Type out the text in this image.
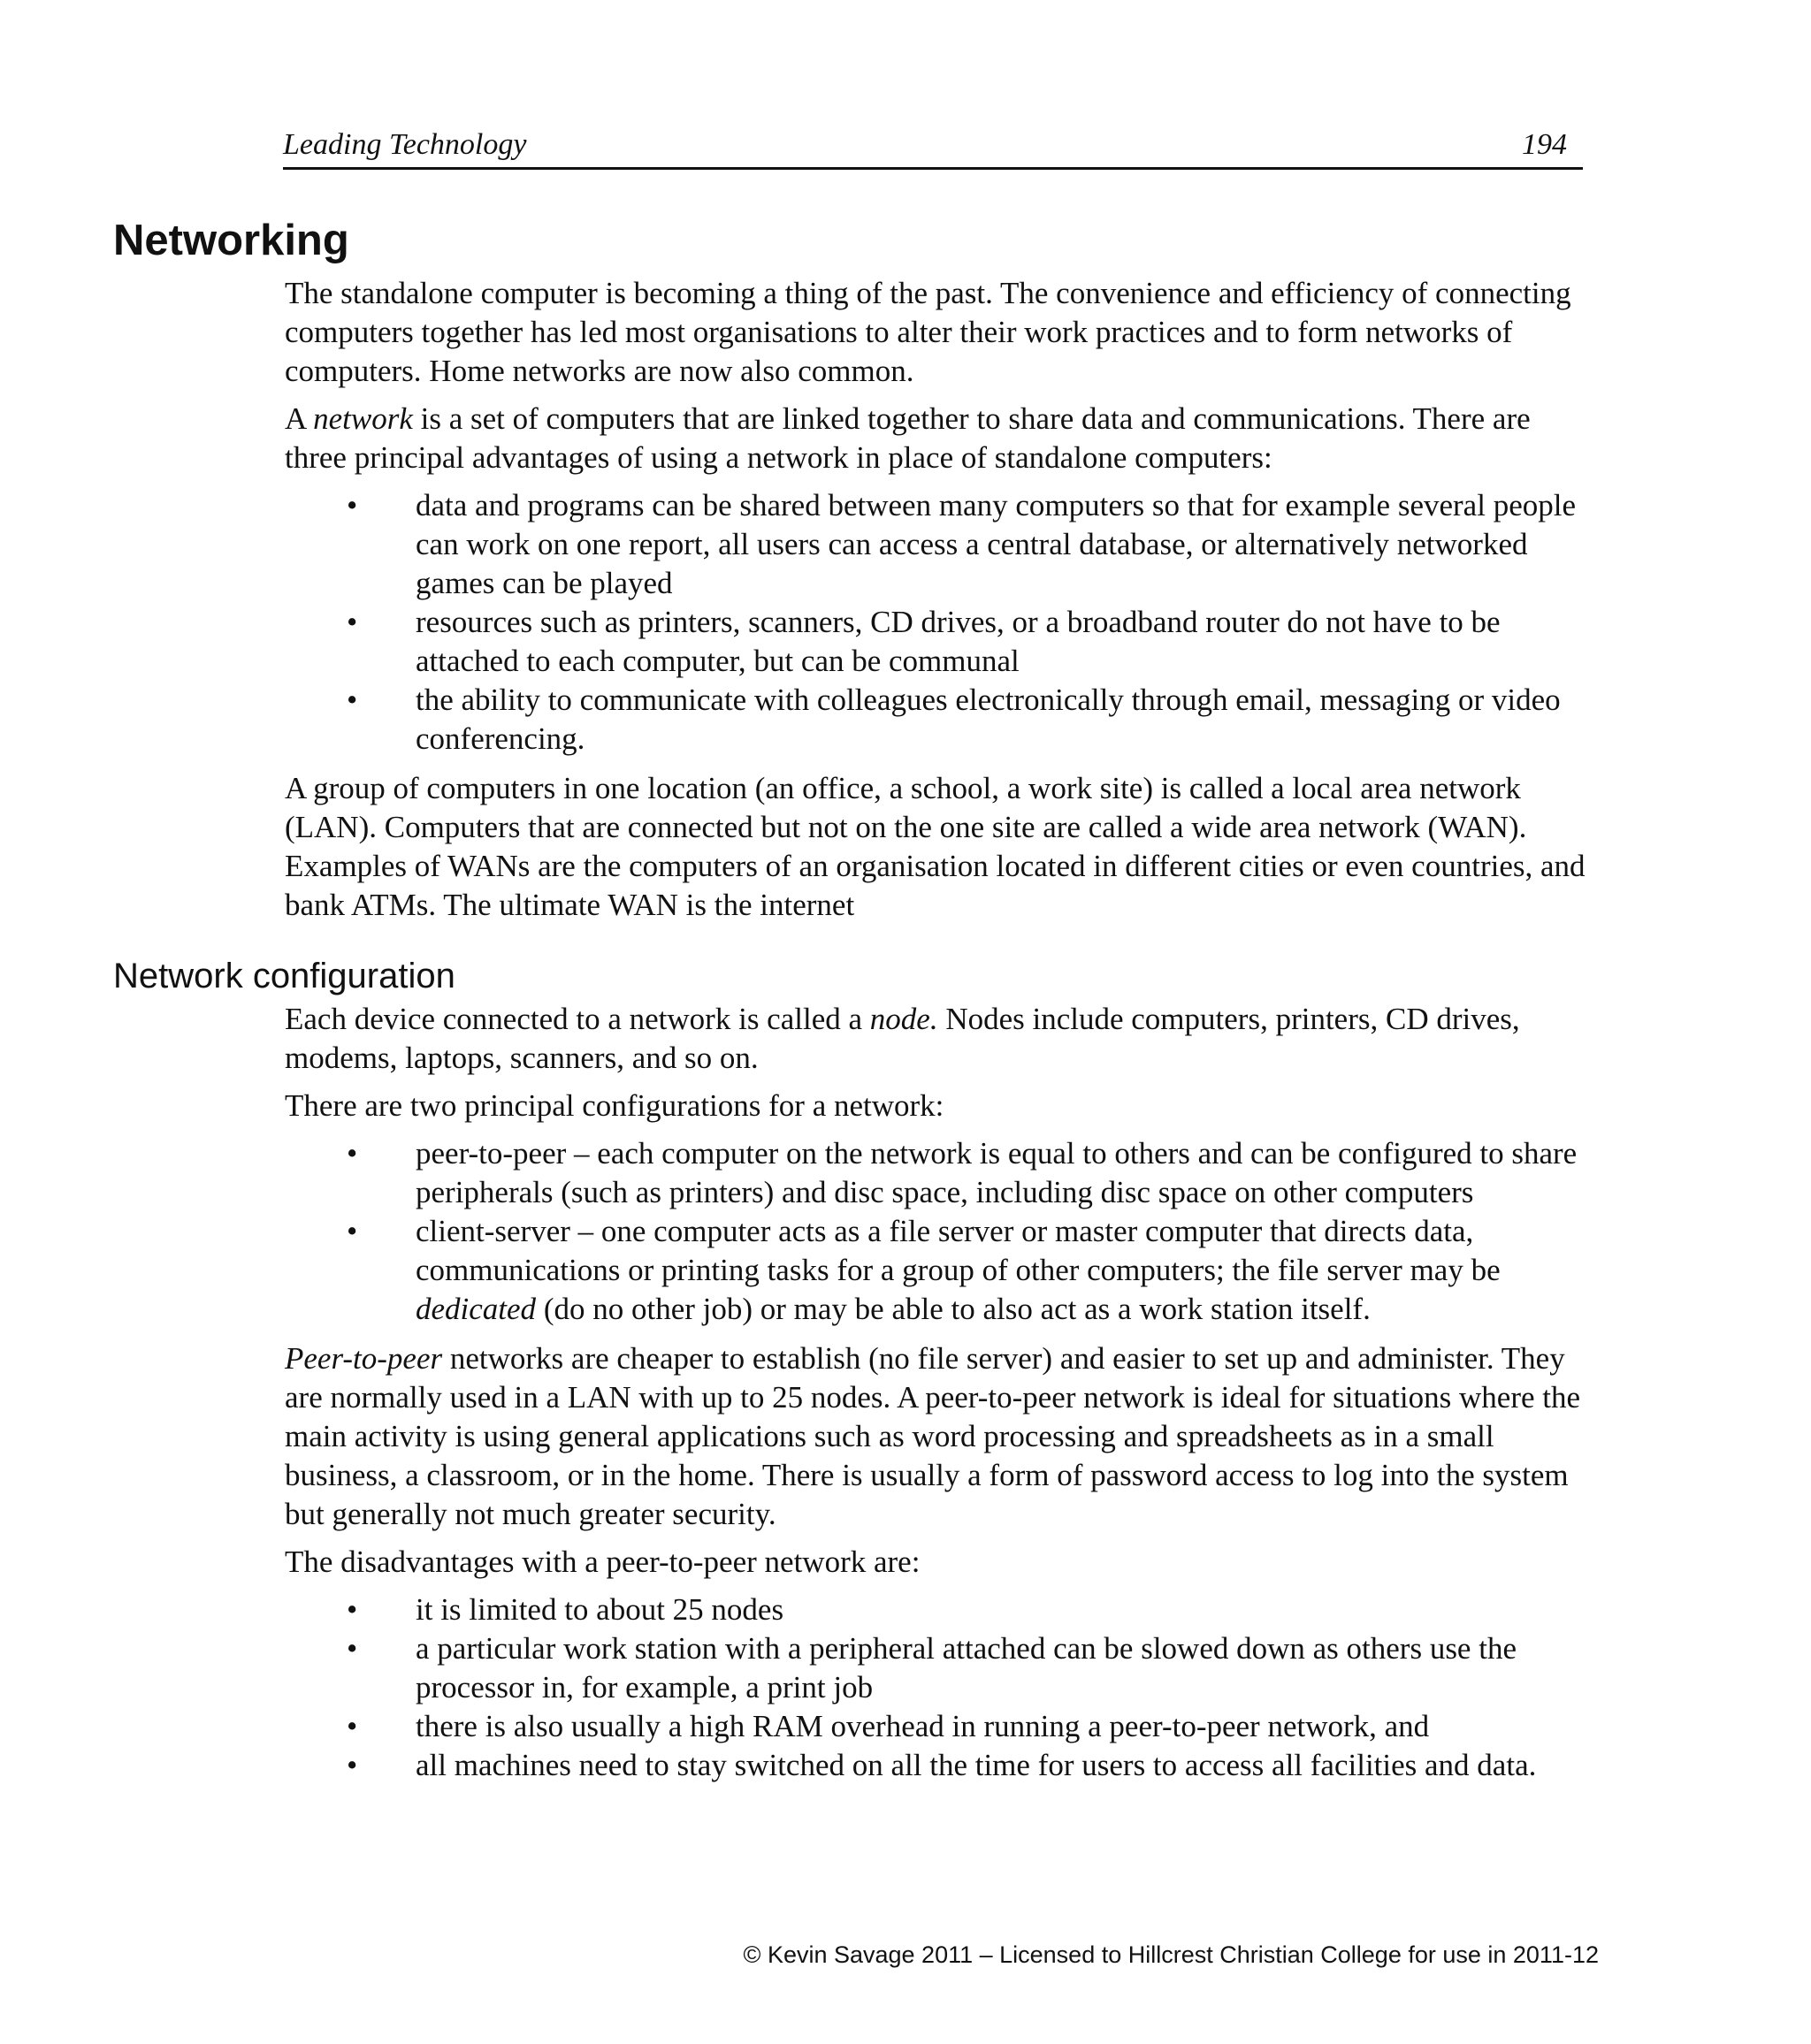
Leading Technology	194
Networking

The standalone computer is becoming a thing of the past. The convenience and efficiency of connecting computers together has led most organisations to alter their work practices and to form networks of computers. Home networks are now also common.

A network is a set of computers that are linked together to share data and communications. There are three principal advantages of using a network in place of standalone computers:

• data and programs can be shared between many computers so that for example several people can work on one report, all users can access a central database, or alternatively networked games can be played
• resources such as printers, scanners, CD drives, or a broadband router do not have to be attached to each computer, but can be communal
• the ability to communicate with colleagues electronically through email, messaging or video conferencing.

A group of computers in one location (an office, a school, a work site) is called a local area network (LAN). Computers that are connected but not on the one site are called a wide area network (WAN). Examples of WANs are the computers of an organisation located in different cities or even countries, and bank ATMs. The ultimate WAN is the internet

Network configuration

Each device connected to a network is called a node. Nodes include computers, printers, CD drives, modems, laptops, scanners, and so on.

There are two principal configurations for a network:

• peer-to-peer – each computer on the network is equal to others and can be configured to share peripherals (such as printers) and disc space, including disc space on other computers
• client-server – one computer acts as a file server or master computer that directs data, communications or printing tasks for a group of other computers; the file server may be dedicated (do no other job) or may be able to also act as a work station itself.

Peer-to-peer networks are cheaper to establish (no file server) and easier to set up and administer. They are normally used in a LAN with up to 25 nodes. A peer-to-peer network is ideal for situations where the main activity is using general applications such as word processing and spreadsheets as in a small business, a classroom, or in the home. There is usually a form of password access to log into the system but generally not much greater security.

The disadvantages with a peer-to-peer network are:

• it is limited to about 25 nodes
• a particular work station with a peripheral attached can be slowed down as others use the processor in, for example, a print job
• there is also usually a high RAM overhead in running a peer-to-peer network, and
• all machines need to stay switched on all the time for users to access all facilities and data.
© Kevin Savage 2011 – Licensed to Hillcrest Christian College for use in 2011-12
